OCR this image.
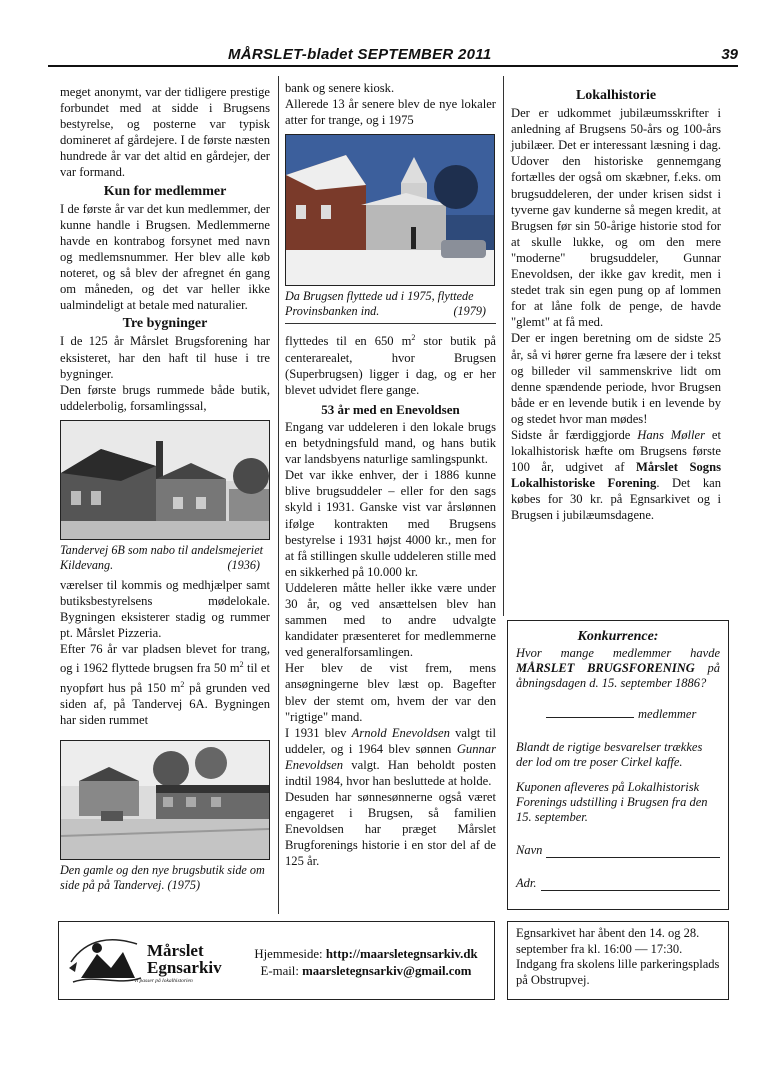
MÅRSLET-bladet SEPTEMBER 2011	39

meget anonymt, var der tidligere prestige forbundet med at sidde i Brugsens bestyrelse, og posterne var typisk domineret af gårdejere. I de første næsten hundrede år var det altid en gårdejer, der var formand.

Kun for medlemmer

I de første år var det kun medlemmer, der kunne handle i Brugsen. Medlemmerne havde en kontrabog forsynet med navn og medlemsnummer. Her blev alle køb noteret, og så blev der afregnet én gang om måneden, og det var heller ikke ualmindeligt at betale med naturalier.

Tre bygninger

I de 125 år Mårslet Brugsforening har eksisteret, har den haft til huse i tre bygninger.

Den første brugs rummede både butik, uddelerbolig, forsamlingssal,

Tandervej 6B som nabo til andelsmejeriet Kildevang.	(1936)

værelser til kommis og medhjælper samt butiksbestyrelsens mødelokale. Bygningen eksisterer stadig og rummer pt. Mårslet Pizzeria.

Efter 76 år var pladsen blevet for trang, og i 1962 flyttede brugsen fra 50 $m^2$ til et nyopført hus på 150 $m^2$ på grunden ved siden af, på Tandervej 6A. Bygningen har siden rummet

Den gamle og den nye brugsbutik side om side på på Tandervej. (1975)

bank og senere kiosk.

Allerede 13 år senere blev de nye lokaler atter for trange, og i 1975

Da Brugsen flyttede ud i 1975, flyttede Provinsbanken ind.	(1979)

flyttedes til en 650 $m^2$ stor butik på centerarealet, hvor Brugsen (Superbrugsen) ligger i dag, og er her blevet udvidet flere gange.

53 år med en Enevoldsen

Engang var uddeleren i den lokale brugs en betydningsfuld mand, og hans butik var landsbyens naturlige samlingspunkt.

Det var ikke enhver, der i 1886 kunne blive brugsuddeler – eller for den sags skyld i 1931. Ganske vist var årslønnen ifølge kontrakten med Brugsens bestyrelse i 1931 højst 4000 kr., men for at få stillingen skulle uddeleren stille med en sikkerhed på 10.000 kr.

Uddeleren måtte heller ikke være under 30 år, og ved ansættelsen blev han sammen med to andre udvalgte kandidater præsenteret for medlemmerne ved generalforsamlingen.

Her blev de vist frem, mens ansøgningerne blev læst op. Bagefter blev der stemt om, hvem der var den "rigtige" mand.

I 1931 blev Arnold Enevoldsen valgt til uddeler, og i 1964 blev sønnen Gunnar Enevoldsen valgt. Han beholdt posten indtil 1984, hvor han besluttede at holde.

Desuden har sønnesønnerne også været engageret i Brugsen, så familien Enevoldsen har præget Mårslet Brugforenings historie i en stor del af de 125 år.

Lokalhistorie

Der er udkommet jubilæumsskrifter i anledning af Brugsens 50-års og 100-års jubilæer. Det er interessant læsning i dag. Udover den historiske gennemgang fortælles der også om skæbner, f.eks. om brugsuddeleren, der under krisen sidst i tyverne gav kunderne så megen kredit, at Brugsen før sin 50-årige historie stod for at skulle lukke, og om den mere "moderne" brugsuddeler, Gunnar Enevoldsen, der ikke gav kredit, men i stedet trak sin egen pung op af lommen for at låne folk de penge, de havde "glemt" at få med.

Der er ingen beretning om de sidste 25 år, så vi hører gerne fra læsere der i tekst og billeder vil sammenskrive lidt om denne spændende periode, hvor Brugsen både er en levende butik i en levende by og stedet hvor man mødes!

Sidste år færdiggjorde Hans Møller et lokalhistorisk hæfte om Brugsens første 100 år, udgivet af Mårslet Sogns Lokalhistoriske Forening. Det kan købes for 30 kr. på Egnsarkivet og i Brugsen i jubilæumsdagene.

Konkurrence:

Hvor mange medlemmer havde MÅRSLET BRUGSFORENING på åbningsdagen d. 15. september 1886?

medlemmer

Blandt de rigtige besvarelser trækkes der lod om tre poser Cirkel kaffe.

Kuponen afleveres på Lokalhistorisk Forenings udstilling i Brugsen fra den 15. september.

Navn
Adr.
Mårslet
Egnsarkiv
- vi passer på lokalhistorien
Hjemmeside: http://maarsletegnsarkiv.dk
E-mail: maarsletegnsarkiv@gmail.com
Egnsarkivet har åbent den 14. og 28. september fra kl. 16:00 — 17:30. Indgang fra skolens lille parkeringsplads på Obstrupvej.
